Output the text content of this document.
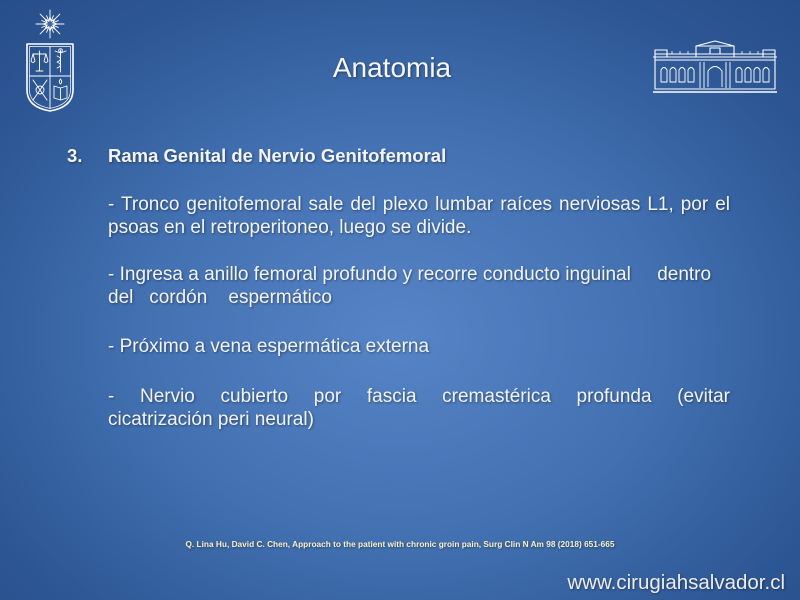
Anatomia
3. Rama Genital de Nervio Genitofemoral
- Tronco genitofemoral sale del plexo lumbar raíces nerviosas L1, por el
psoas en el retroperitoneo, luego se divide.
- Ingresa a anillo femoral profundo y recorre conducto inguinal     dentro
del   cordón    espermático
- Próximo a vena espermática externa
- Nervio cubierto por fascia cremastérica profunda (evitar
cicatrización peri neural)
Q. Lina Hu, David C. Chen, Approach to the patient with chronic groin pain, Surg Clin N Am 98 (2018) 651-665
www.cirugiahsalvador.cl
